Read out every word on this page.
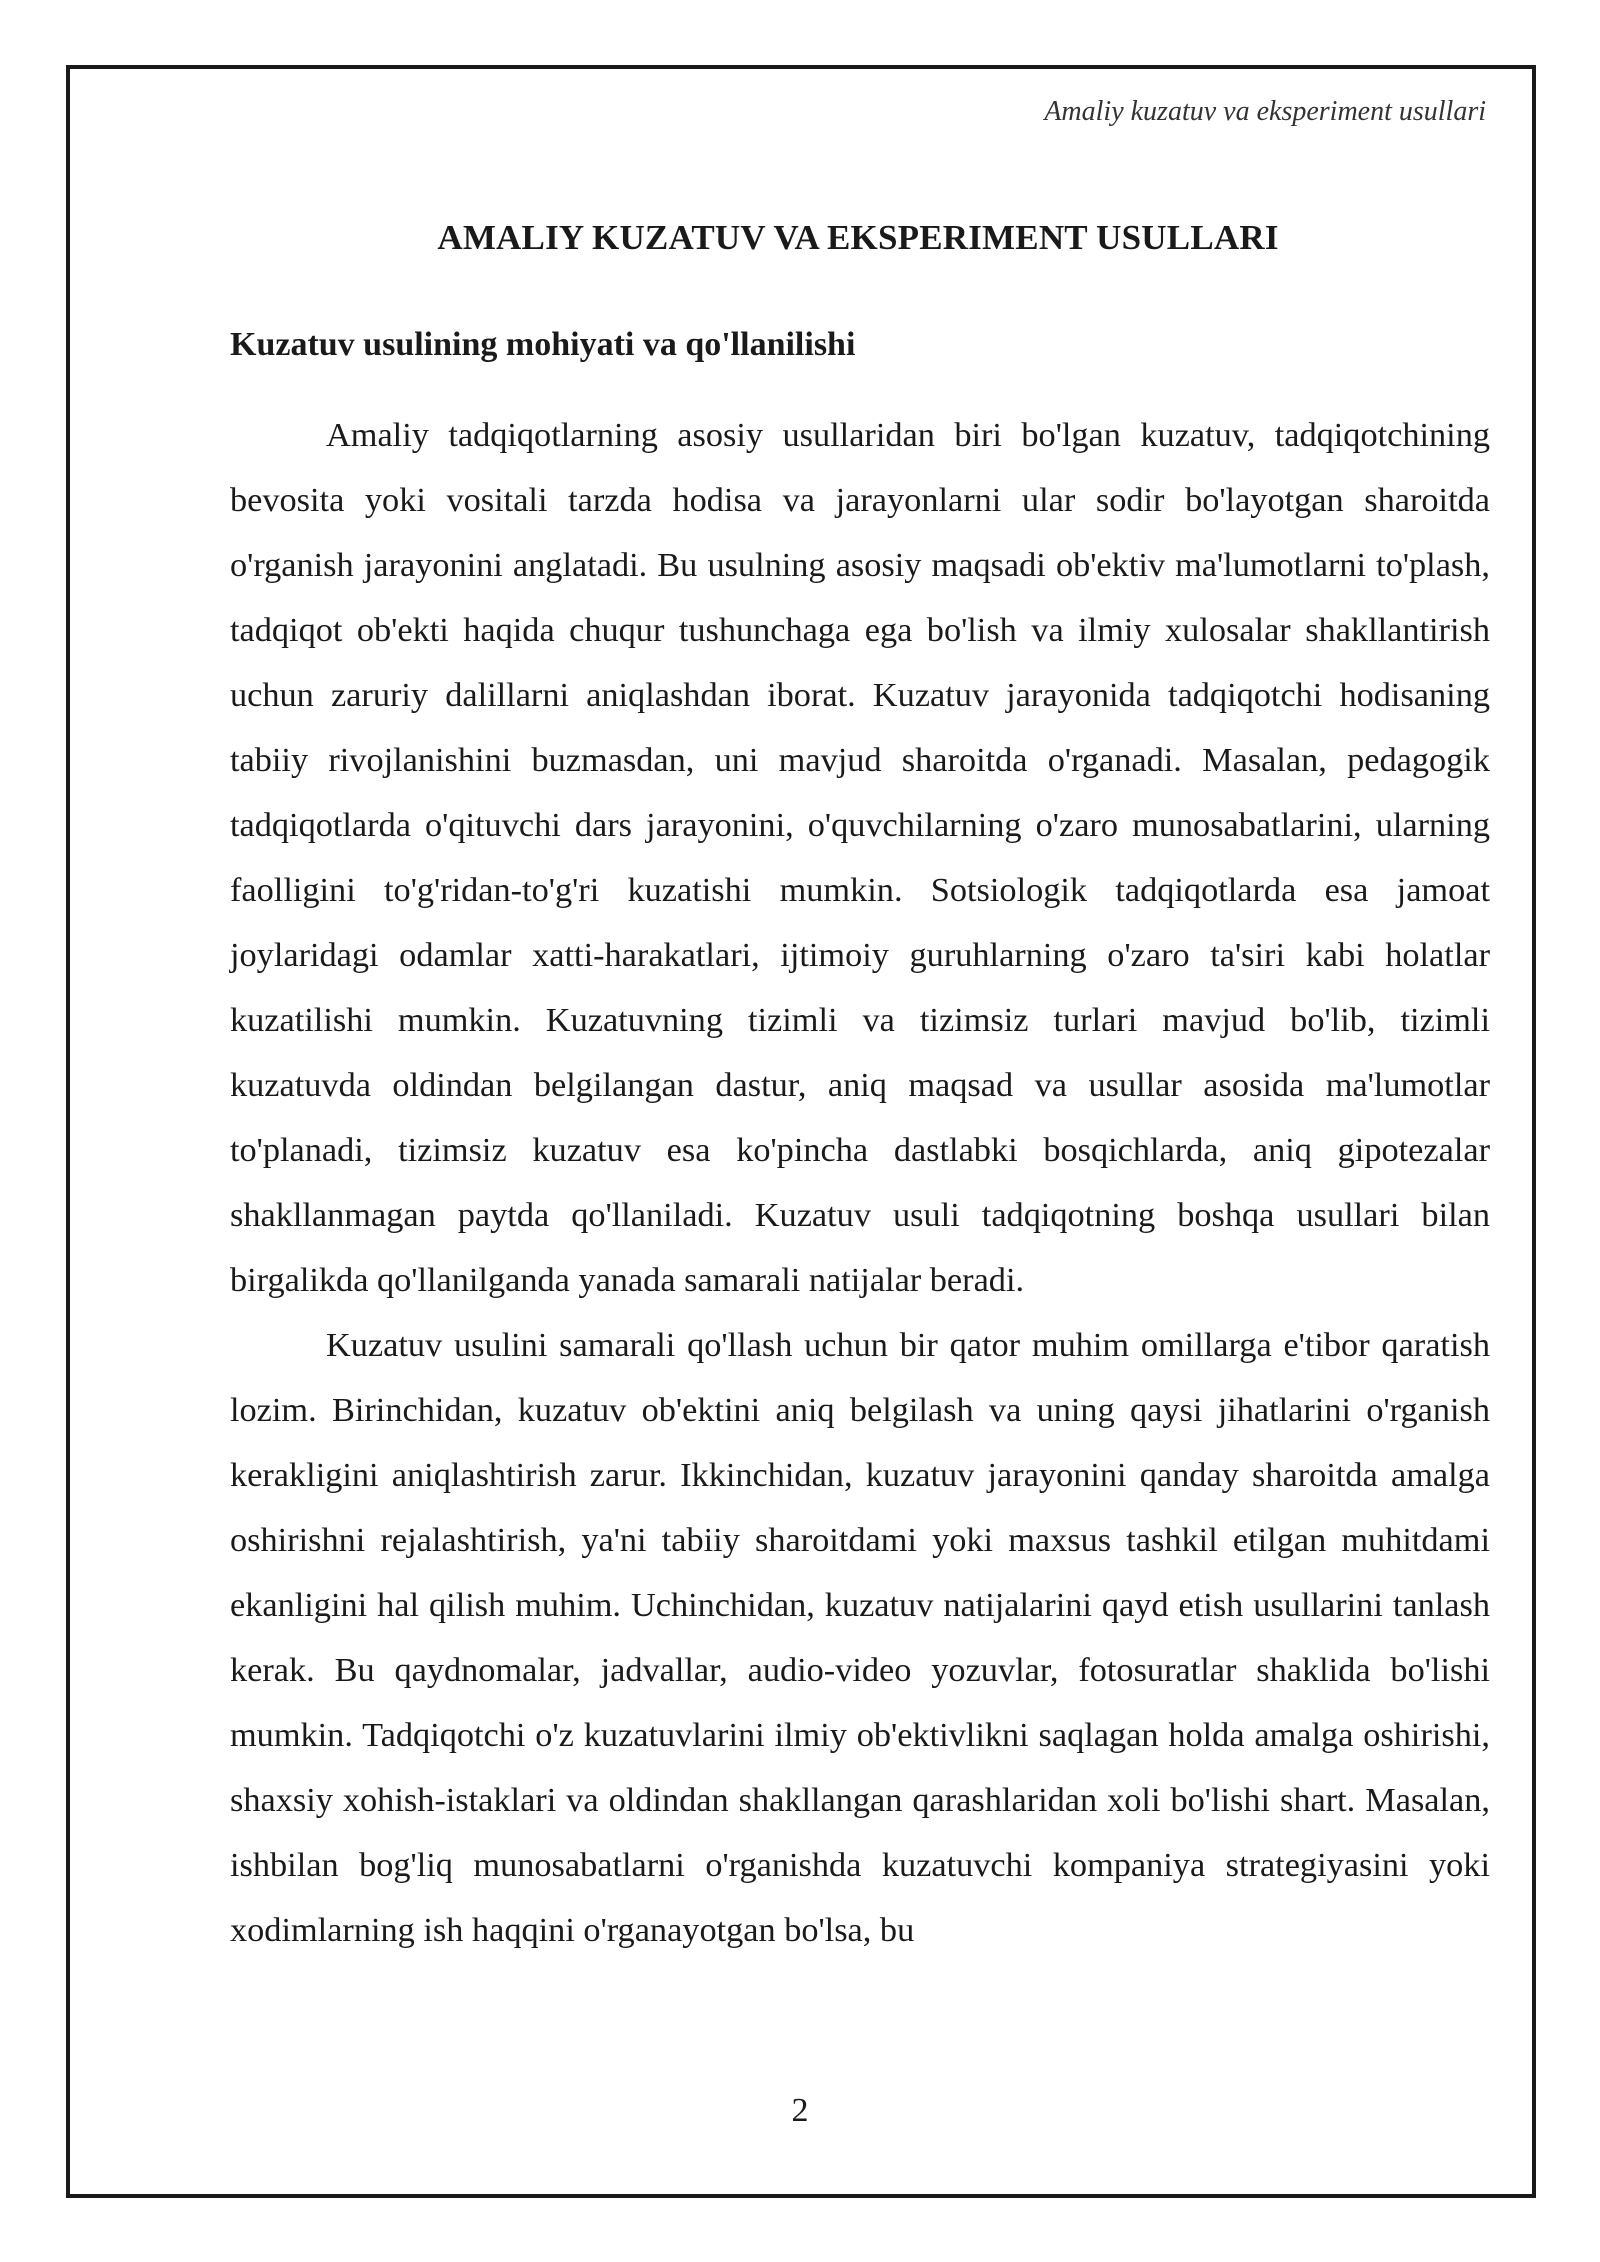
Amaliy kuzatuv va eksperiment usullari
AMALIY KUZATUV VA EKSPERIMENT USULLARI
Kuzatuv usulining mohiyati va qo'llanilishi

Amaliy tadqiqotlarning asosiy usullaridan biri bo'lgan kuzatuv, tadqiqotchining bevosita yoki vositali tarzda hodisa va jarayonlarni ular sodir bo'layotgan sharoitda o'rganish jarayonini anglatadi. Bu usulning asosiy maqsadi ob'ektiv ma'lumotlarni to'plash, tadqiqot ob'ekti haqida chuqur tushunchaga ega bo'lish va ilmiy xulosalar shakllantirish uchun zaruriy dalillarni aniqlashdan iborat. Kuzatuv jarayonida tadqiqotchi hodisaning tabiiy rivojlanishini buzmasdan, uni mavjud sharoitda o'rganadi. Masalan, pedagogik tadqiqotlarda o'qituvchi dars jarayonini, o'quvchilarning o'zaro munosabatlarini, ularning faolligini to'g'ridan-to'g'ri kuzatishi mumkin. Sotsiologik tadqiqotlarda esa jamoat joylaridagi odamlar xatti-harakatlari, ijtimoiy guruhlarning o'zaro ta'siri kabi holatlar kuzatilishi mumkin. Kuzatuvning tizimli va tizimsiz turlari mavjud bo'lib, tizimli kuzatuvda oldindan belgilangan dastur, aniq maqsad va usullar asosida ma'lumotlar to'planadi, tizimsiz kuzatuv esa ko'pincha dastlabki bosqichlarda, aniq gipotezalar shakllanmagan paytda qo'llaniladi. Kuzatuv usuli tadqiqotning boshqa usullari bilan birgalikda qo'llanilganda yanada samarali natijalar beradi.

Kuzatuv usulini samarali qo'llash uchun bir qator muhim omillarga e'tibor qaratish lozim. Birinchidan, kuzatuv ob'ektini aniq belgilash va uning qaysi jihatlarini o'rganish kerakligini aniqlashtirish zarur. Ikkinchidan, kuzatuv jarayonini qanday sharoitda amalga oshirishni rejalashtirish, ya'ni tabiiy sharoitdami yoki maxsus tashkil etilgan muhitdami ekanligini hal qilish muhim. Uchinchidan, kuzatuv natijalarini qayd etish usullarini tanlash kerak. Bu qaydnomalar, jadvallar, audio-video yozuvlar, fotosuratlar shaklida bo'lishi mumkin. Tadqiqotchi o'z kuzatuvlarini ilmiy ob'ektivlikni saqlagan holda amalga oshirishi, shaxsiy xohish-istaklari va oldindan shakllangan qarashlaridan xoli bo'lishi shart. Masalan, ishbilan bog'liq munosabatlarni o'rganishda kuzatuvchi kompaniya strategiyasini yoki xodimlarning ish haqqini o'rganayotgan bo'lsa, bu

2
